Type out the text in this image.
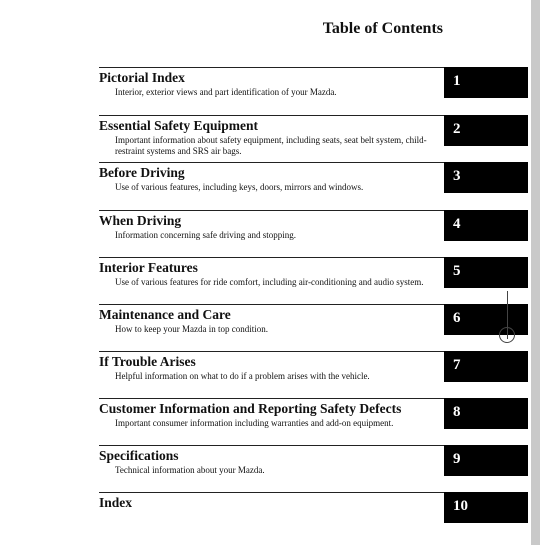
Table of Contents
Pictorial Index
Interior, exterior views and part identification of your Mazda.
1
Essential Safety Equipment
Important information about safety equipment, including seats, seat belt system, child-restraint systems and SRS air bags.
2
Before Driving
Use of various features, including keys, doors, mirrors and windows.
3
When Driving
Information concerning safe driving and stopping.
4
Interior Features
Use of various features for ride comfort, including air-conditioning and audio system.
5
Maintenance and Care
How to keep your Mazda in top condition.
6
If Trouble Arises
Helpful information on what to do if a problem arises with the vehicle.
7
Customer Information and Reporting Safety Defects
Important consumer information including warranties and add-on equipment.
8
Specifications
Technical information about your Mazda.
9
Index	10
